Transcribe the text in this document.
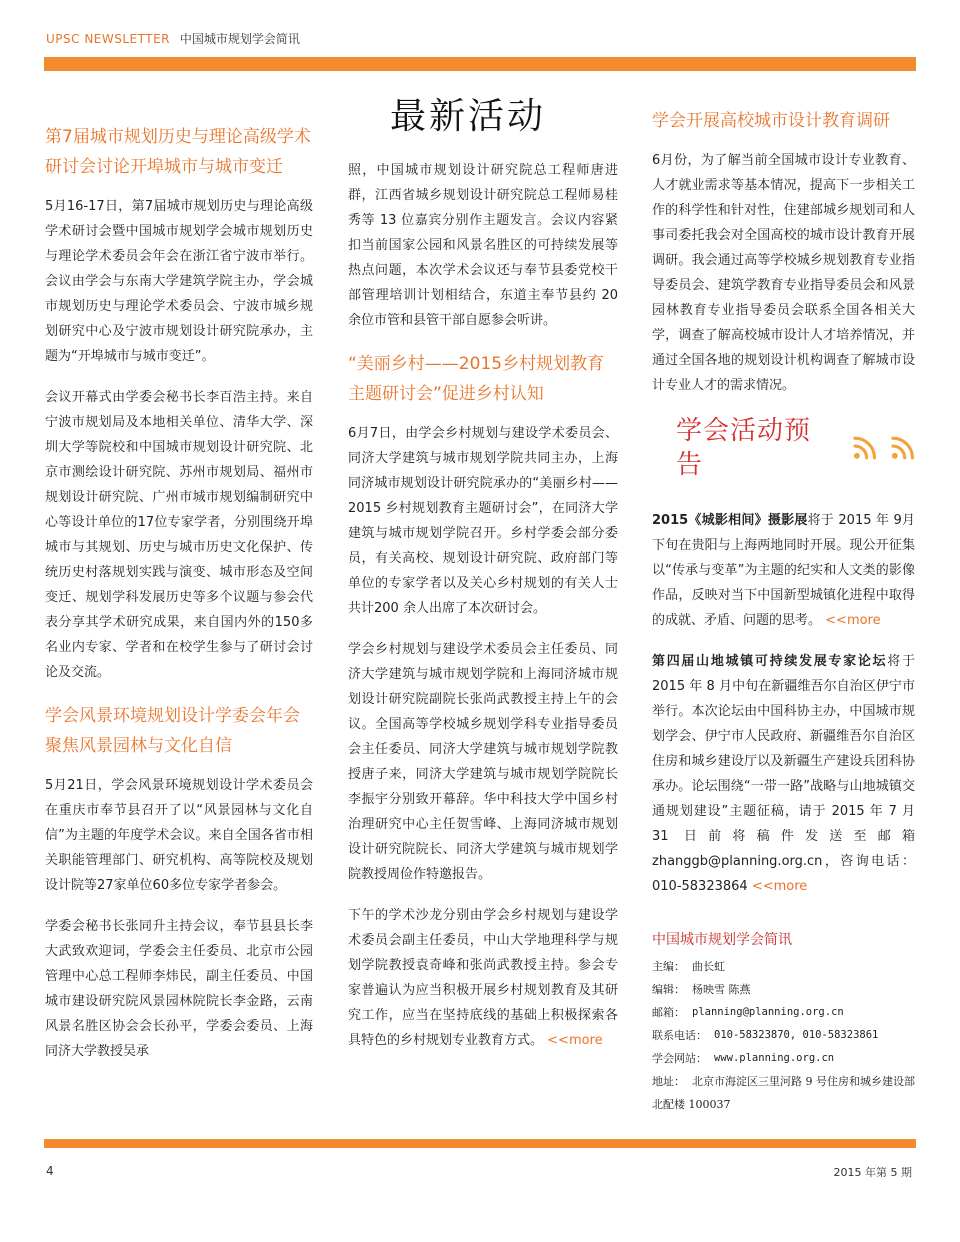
UPSC NEWSLETTER 中国城市规划学会简讯
最新活动
第7届城市规划历史与理论高级学术研讨会讨论开埠城市与城市变迁

5月16-17日，第7届城市规划历史与理论高级学术研讨会暨中国城市规划学会城市规划历史与理论学术委员会年会在浙江省宁波市举行。会议由学会与东南大学建筑学院主办，学会城市规划历史与理论学术委员会、宁波市城乡规划研究中心及宁波市规划设计研究院承办，主题为“开埠城市与城市变迁”。

会议开幕式由学委会秘书长李百浩主持。来自宁波市规划局及本地相关单位、清华大学、深圳大学等院校和中国城市规划设计研究院、北京市测绘设计研究院、苏州市规划局、福州市规划设计研究院、广州市城市规划编制研究中心等设计单位的17位专家学者，分别围绕开埠城市与其规划、历史与城市历史文化保护、传统历史村落规划实践与演变、城市形态及空间变迁、规划学科发展历史等多个议题与参会代表分享其学术研究成果，来自国内外的150多名业内专家、学者和在校学生参与了研讨会讨论及交流。

学会风景环境规划设计学委会年会聚焦风景园林与文化自信

5月21日，学会风景环境规划设计学术委员会在重庆市奉节县召开了以“风景园林与文化自信”为主题的年度学术会议。来自全国各省市相关职能管理部门、研究机构、高等院校及规划设计院等27家单位60多位专家学者参会。

学委会秘书长张同升主持会议，奉节县县长李大武致欢迎词，学委会主任委员、北京市公园管理中心总工程师李炜民，副主任委员、中国城市建设研究院风景园林院院长李金路，云南风景名胜区协会会长孙平，学委会委员、上海同济大学教授吴承

照，中国城市规划设计研究院总工程师唐进群，江西省城乡规划设计研究院总工程师易桂秀等 13 位嘉宾分别作主题发言。会议内容紧扣当前国家公园和风景名胜区的可持续发展等热点问题，本次学术会议还与奉节县委党校干部管理培训计划相结合，东道主奉节县约 20 余位市管和县管干部自愿参会听讲。

“美丽乡村——2015乡村规划教育主题研讨会”促进乡村认知

6月7日，由学会乡村规划与建设学术委员会、同济大学建筑与城市规划学院共同主办，上海同济城市规划设计研究院承办的“美丽乡村——2015 乡村规划教育主题研讨会”，在同济大学建筑与城市规划学院召开。乡村学委会部分委员，有关高校、规划设计研究院、政府部门等单位的专家学者以及关心乡村规划的有关人士共计200 余人出席了本次研讨会。

学会乡村规划与建设学术委员会主任委员、同济大学建筑与城市规划学院和上海同济城市规划设计研究院副院长张尚武教授主持上午的会议。全国高等学校城乡规划学科专业指导委员会主任委员、同济大学建筑与城市规划学院教授唐子来，同济大学建筑与城市规划学院院长李振宇分别致开幕辞。华中科技大学中国乡村治理研究中心主任贺雪峰、上海同济城市规划设计研究院院长、同济大学建筑与城市规划学院教授周俭作特邀报告。

下午的学术沙龙分别由学会乡村规划与建设学术委员会副主任委员，中山大学地理科学与规划学院教授袁奇峰和张尚武教授主持。参会专家普遍认为应当积极开展乡村规划教育及其研究工作，应当在坚持底线的基础上积极探索各具特色的乡村规划专业教育方式。 <<more

学会开展高校城市设计教育调研

6月份，为了解当前全国城市设计专业教育、人才就业需求等基本情况，提高下一步相关工作的科学性和针对性，住建部城乡规划司和人事司委托我会对全国高校的城市设计教育开展调研。我会通过高等学校城乡规划教育专业指导委员会、建筑学教育专业指导委员会和风景园林教育专业指导委员会联系全国各相关大学，调查了解高校城市设计人才培养情况，并通过全国各地的规划设计机构调查了解城市设计专业人才的需求情况。

学会活动预告

2015《城影相间》摄影展将于 2015 年 9月下旬在贵阳与上海两地同时开展。现公开征集以“传承与变革”为主题的纪实和人文类的影像作品，反映对当下中国新型城镇化进程中取得的成就、矛盾、问题的思考。 <<more

第四届山地城镇可持续发展专家论坛将于 2015 年 8 月中旬在新疆维吾尔自治区伊宁市举行。本次论坛由中国科协主办，中国城市规划学会、伊宁市人民政府、新疆维吾尔自治区住房和城乡建设厅以及新疆生产建设兵团科协承办。论坛围绕“一带一路”战略与山地城镇交通规划建设”主题征稿，请于 2015 年 7 月 31 日前将稿件发送至邮箱 zhanggb@planning.org.cn，咨询电话：010-58323864 <<more

中国城市规划学会简讯
主编：
曲长虹
编辑：
杨映雪 陈燕
邮箱：
planning@planning.org.cn
联系电话：
010-58323870, 010-58323861
学会网站：
www.planning.org.cn
地址： 北京市海淀区三里河路 9 号住房和城乡建设部北配楼 100037
4	2015 年第 5 期
